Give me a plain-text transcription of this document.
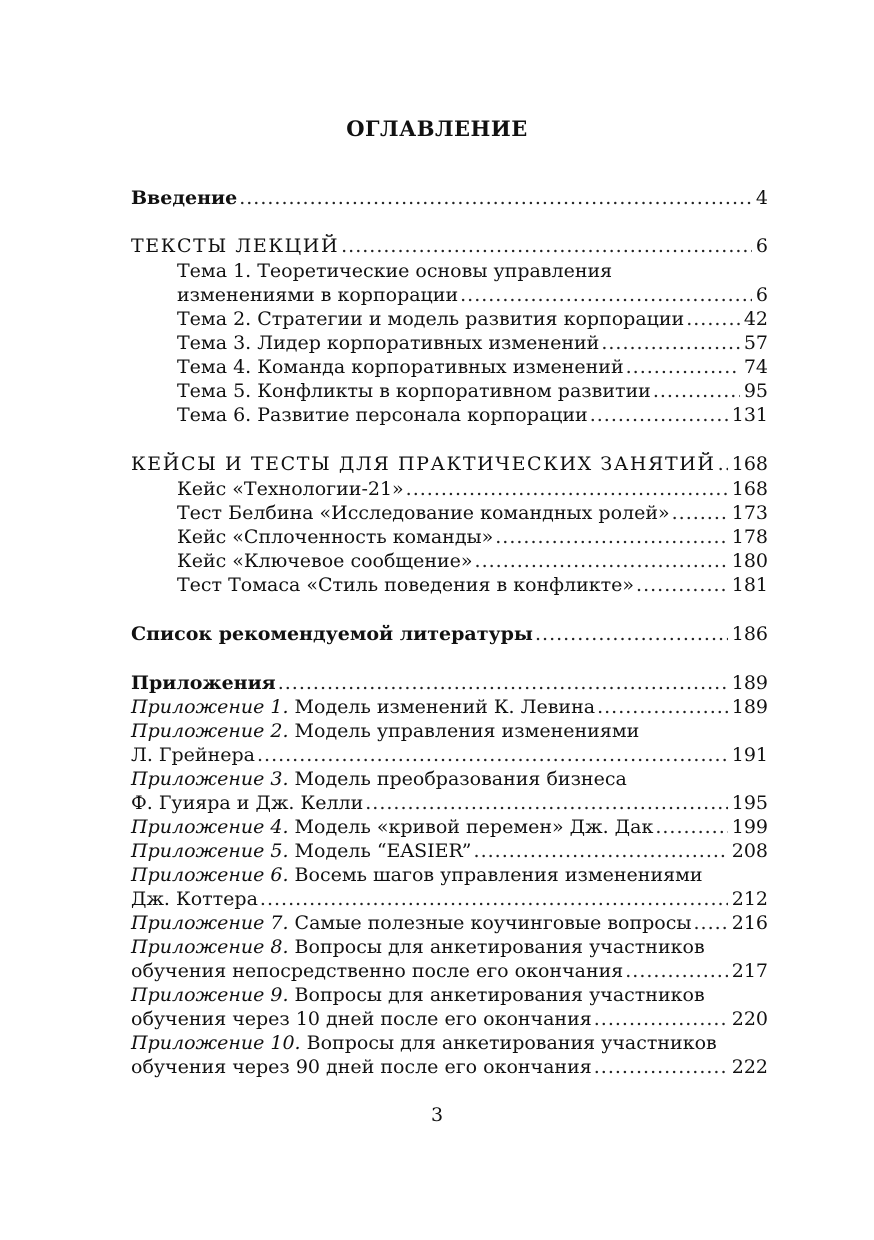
ОГЛАВЛЕНИЕ
Введение .....	4
ТЕКСТЫ ЛЕКЦИЙ .....	6
Тема 1. Теоретические основы управления
изменениями в корпорации .....	6
Тема 2. Стратегии и модель развития корпорации .....	42
Тема 3. Лидер корпоративных изменений .....	57
Тема 4. Команда корпоративных изменений .....	74
Тема 5. Конфликты в корпоративном развитии .....	95
Тема 6. Развитие персонала корпорации .....	131
КЕЙСЫ И ТЕСТЫ ДЛЯ ПРАКТИЧЕСКИХ ЗАНЯТИЙ ..... 168
Кейс «Технологии-21» .....	168
Тест Белбина «Исследование командных ролей» .....	173
Кейс «Сплоченность команды» .....	178
Кейс «Ключевое сообщение» .....	180
Тест Томаса «Стиль поведения в конфликте» .....	181
Список рекомендуемой литературы .....	186
Приложения .....	189
Приложение 1. Модель изменений К. Левина .....	189
Приложение 2. Модель управления изменениями
Л. Грейнера .....	191
Приложение 3. Модель преобразования бизнеса
Ф. Гуияра и Дж. Келли .....	195
Приложение 4. Модель «кривой перемен» Дж. Дак .....	199
Приложение 5. Модель “EASIER” .....	208
Приложение 6. Восемь шагов управления изменениями
Дж. Коттера .....	212
Приложение 7. Самые полезные коучинговые вопросы ..... 216
Приложение 8. Вопросы для анкетирования участников
обучения непосредственно после его окончания .....	217
Приложение 9. Вопросы для анкетирования участников
обучения через 10 дней после его окончания .....	220
Приложение 10. Вопросы для анкетирования участников
обучения через 90 дней после его окончания .....	222
3
